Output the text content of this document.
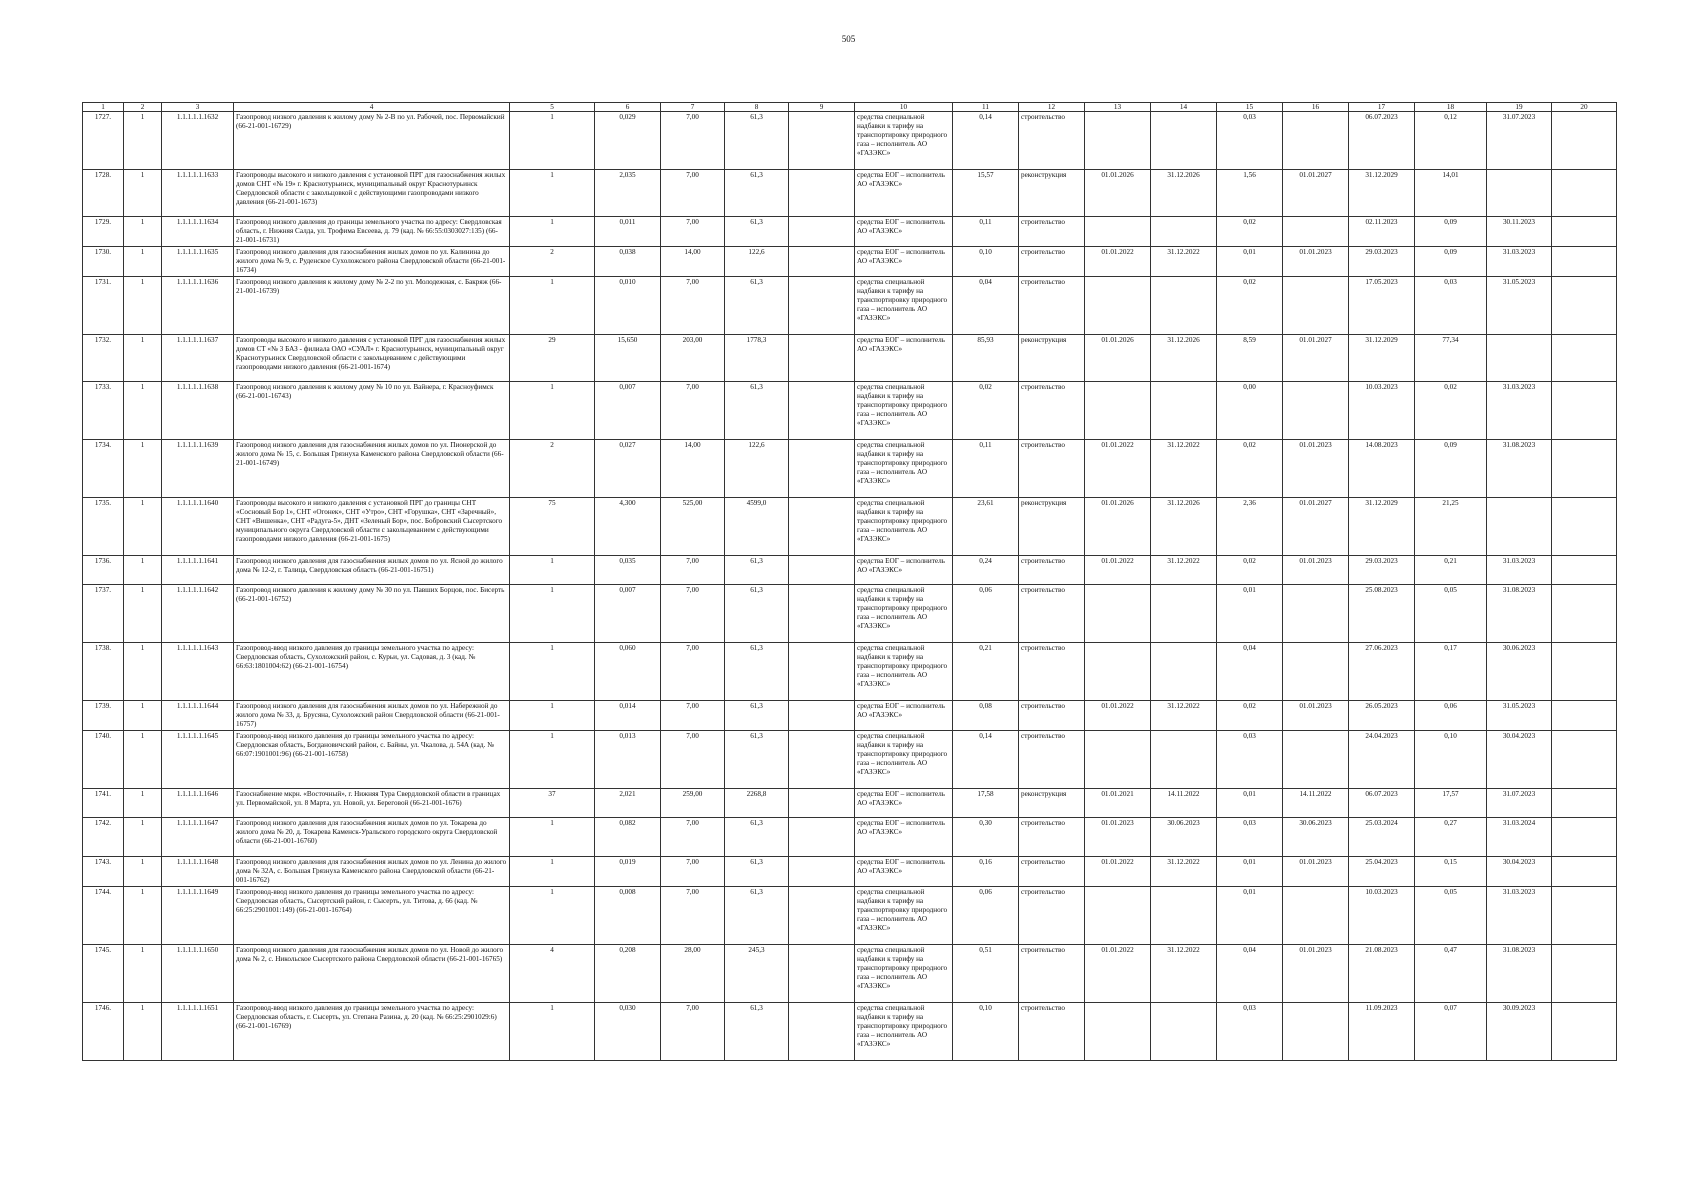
505
1	2	3	4	5	6	7	8	9	10	11	12	13	14	15	16	17	18	19	20
1727.	1	1.1.1.1.1.1632	Газопровод низкого давления к жилому дому № 2-В по ул. Рабочей, пос. Первомайский (66-21-001-16729)	1	0,029	7,00	61,3		средства специальной надбавки к тарифу на транспортировку природного газа – исполнитель АО «ГАЗЭКС»	0,14	строительство			0,03		06.07.2023	0,12	31.07.2023	
1728.	1	1.1.1.1.1.1633	Газопроводы высокого и низкого давления с установкой ПРГ для газоснабжения жилых домов СНТ «№ 19» г. Краснотурьинск, муниципальный округ Краснотурьинск Свердловской области с закольцовкой с действующими газопроводами низкого давления (66-21-001-1673)	1	2,035	7,00	61,3		средства ЕОГ – исполнитель АО «ГАЗЭКС»	15,57	реконструкция	01.01.2026	31.12.2026	1,56	01.01.2027	31.12.2029	14,01		
1729.	1	1.1.1.1.1.1634	Газопровод низкого давления до границы земельного участка по адресу: Свердловская область, г. Нижняя Салда, ул. Трофима Евсеева, д. 79 (кад. № 66:55:0303027:135) (66-21-001-16731)	1	0,011	7,00	61,3		средства ЕОГ – исполнитель АО «ГАЗЭКС»	0,11	строительство			0,02		02.11.2023	0,09	30.11.2023	
1730.	1	1.1.1.1.1.1635	Газопровод низкого давления для газоснабжения жилых домов по ул. Калинина до жилого дома № 9, с. Руденское Сухоложского района Свердловской области (66-21-001-16734)	2	0,038	14,00	122,6		средства ЕОГ – исполнитель АО «ГАЗЭКС»	0,10	строительство	01.01.2022	31.12.2022	0,01	01.01.2023	29.03.2023	0,09	31.03.2023	
1731.	1	1.1.1.1.1.1636	Газопровод низкого давления к жилому дому № 2-2 по ул. Молодежная, с. Бакряж (66-21-001-16739)	1	0,010	7,00	61,3		средства специальной надбавки к тарифу на транспортировку природного газа – исполнитель АО «ГАЗЭКС»	0,04	строительство			0,02		17.05.2023	0,03	31.05.2023	
1732.	1	1.1.1.1.1.1637	Газопроводы высокого и низкого давления с установкой ПРГ для газоснабжения жилых домов СТ «№ 3 БАЗ - филиала ОАО «СУАЛ» г. Краснотурьинск, муниципальный округ Краснотурьинск Свердловской области с закольцеванием с действующими газопроводами низкого давления (66-21-001-1674)	29	15,650	203,00	1778,3		средства ЕОГ – исполнитель АО «ГАЗЭКС»	85,93	реконструкция	01.01.2026	31.12.2026	8,59	01.01.2027	31.12.2029	77,34		
1733.	1	1.1.1.1.1.1638	Газопровод низкого давления к жилому дому № 10 по ул. Вайнера, г. Красноуфимск (66-21-001-16743)	1	0,007	7,00	61,3		средства специальной надбавки к тарифу на транспортировку природного газа – исполнитель АО «ГАЗЭКС»	0,02	строительство			0,00		10.03.2023	0,02	31.03.2023	
1734.	1	1.1.1.1.1.1639	Газопровод низкого давления для газоснабжения жилых домов по ул. Пионерской до жилого дома № 15, с. Большая Грязнуха Каменского района Свердловской области (66-21-001-16749)	2	0,027	14,00	122,6		средства специальной надбавки к тарифу на транспортировку природного газа – исполнитель АО «ГАЗЭКС»	0,11	строительство	01.01.2022	31.12.2022	0,02	01.01.2023	14.08.2023	0,09	31.08.2023	
1735.	1	1.1.1.1.1.1640	Газопроводы высокого и низкого давления с установкой ПРГ до границы СНТ «Сосновый Бор 1», СНТ «Огонек», СНТ «Утро», СНТ «Горушка», СНТ «Заречный», СНТ «Вишенка», СНТ «Радуга-5», ДНТ «Зеленый Бор», пос. Бобровский Сысертского муниципального округа Свердловской области с закольцеванием с действующими газопроводами низкого давления (66-21-001-1675)	75	4,300	525,00	4599,0		средства специальной надбавки к тарифу на транспортировку природного газа – исполнитель АО «ГАЗЭКС»	23,61	реконструкция	01.01.2026	31.12.2026	2,36	01.01.2027	31.12.2029	21,25		
1736.	1	1.1.1.1.1.1641	Газопровод низкого давления для газоснабжения жилых домов по ул. Ясной до жилого дома № 12-2, г. Талица, Свердловская область (66-21-001-16751)	1	0,035	7,00	61,3		средства ЕОГ – исполнитель АО «ГАЗЭКС»	0,24	строительство	01.01.2022	31.12.2022	0,02	01.01.2023	29.03.2023	0,21	31.03.2023	
1737.	1	1.1.1.1.1.1642	Газопровод низкого давления к жилому дому № 30 по ул. Павших Борцов, пос. Бисерть (66-21-001-16752)	1	0,007	7,00	61,3		средства специальной надбавки к тарифу на транспортировку природного газа – исполнитель АО «ГАЗЭКС»	0,06	строительство			0,01		25.08.2023	0,05	31.08.2023	
1738.	1	1.1.1.1.1.1643	Газопровод-ввод низкого давления до границы земельного участка по адресу: Свердловская область, Сухоложский район, с. Курьи, ул. Садовая, д. 3 (кад. № 66:63:1801004:62) (66-21-001-16754)	1	0,060	7,00	61,3		средства специальной надбавки к тарифу на транспортировку природного газа – исполнитель АО «ГАЗЭКС»	0,21	строительство			0,04		27.06.2023	0,17	30.06.2023	
1739.	1	1.1.1.1.1.1644	Газопровод низкого давления для газоснабжения жилых домов по ул. Набережной до жилого дома № 33, д. Брусяна, Сухоложский район Свердловской области (66-21-001-16757)	1	0,014	7,00	61,3		средства ЕОГ – исполнитель АО «ГАЗЭКС»	0,08	строительство	01.01.2022	31.12.2022	0,02	01.01.2023	26.05.2023	0,06	31.05.2023	
1740.	1	1.1.1.1.1.1645	Газопровод-ввод низкого давления до границы земельного участка по адресу: Свердловская область, Богдановичский район, с. Байны, ул. Чкалова, д. 54А (кад. № 66:07:1901001:96) (66-21-001-16758)	1	0,013	7,00	61,3		средства специальной надбавки к тарифу на транспортировку природного газа – исполнитель АО «ГАЗЭКС»	0,14	строительство			0,03		24.04.2023	0,10	30.04.2023	
1741.	1	1.1.1.1.1.1646	Газоснабжение мкрн. «Восточный», г. Нижняя Тура Свердловской области в границах ул. Первомайской, ул. 8 Марта, ул. Новой, ул. Береговой (66-21-001-1676)	37	2,021	259,00	2268,8		средства ЕОГ – исполнитель АО «ГАЗЭКС»	17,58	реконструкция	01.01.2021	14.11.2022	0,01	14.11.2022	06.07.2023	17,57	31.07.2023	
1742.	1	1.1.1.1.1.1647	Газопровод низкого давления для газоснабжения жилых домов по ул. Токарева до жилого дома № 20, д. Токарева Каменск-Уральского городского округа Свердловской области (66-21-001-16760)	1	0,082	7,00	61,3		средства ЕОГ – исполнитель АО «ГАЗЭКС»	0,30	строительство	01.01.2023	30.06.2023	0,03	30.06.2023	25.03.2024	0,27	31.03.2024	
1743.	1	1.1.1.1.1.1648	Газопровод низкого давления для газоснабжения жилых домов по ул. Ленина до жилого дома № 32А, с. Большая Грязнуха Каменского района Свердловской области (66-21-001-16762)	1	0,019	7,00	61,3		средства ЕОГ – исполнитель АО «ГАЗЭКС»	0,16	строительство	01.01.2022	31.12.2022	0,01	01.01.2023	25.04.2023	0,15	30.04.2023	
1744.	1	1.1.1.1.1.1649	Газопровод-ввод низкого давления до границы земельного участка по адресу: Свердловская область, Сысертский район, г. Сысерть, ул. Титова, д. 66 (кад. № 66:25:2901001:149) (66-21-001-16764)	1	0,008	7,00	61,3		средства специальной надбавки к тарифу на транспортировку природного газа – исполнитель АО «ГАЗЭКС»	0,06	строительство			0,01		10.03.2023	0,05	31.03.2023	
1745.	1	1.1.1.1.1.1650	Газопровод низкого давления для газоснабжения жилых домов по ул. Новой до жилого дома № 2, с. Никольское Сысертского района Свердловской области (66-21-001-16765)	4	0,208	28,00	245,3		средства специальной надбавки к тарифу на транспортировку природного газа – исполнитель АО «ГАЗЭКС»	0,51	строительство	01.01.2022	31.12.2022	0,04	01.01.2023	21.08.2023	0,47	31.08.2023	
1746.	1	1.1.1.1.1.1651	Газопровод-ввод низкого давления до границы земельного участка по адресу: Свердловская область, г. Сысерть, ул. Степана Разина, д. 20 (кад. № 66:25:2901029:6) (66-21-001-16769)	1	0,030	7,00	61,3		средства специальной надбавки к тарифу на транспортировку природного газа – исполнитель АО «ГАЗЭКС»	0,10	строительство			0,03		11.09.2023	0,07	30.09.2023	
